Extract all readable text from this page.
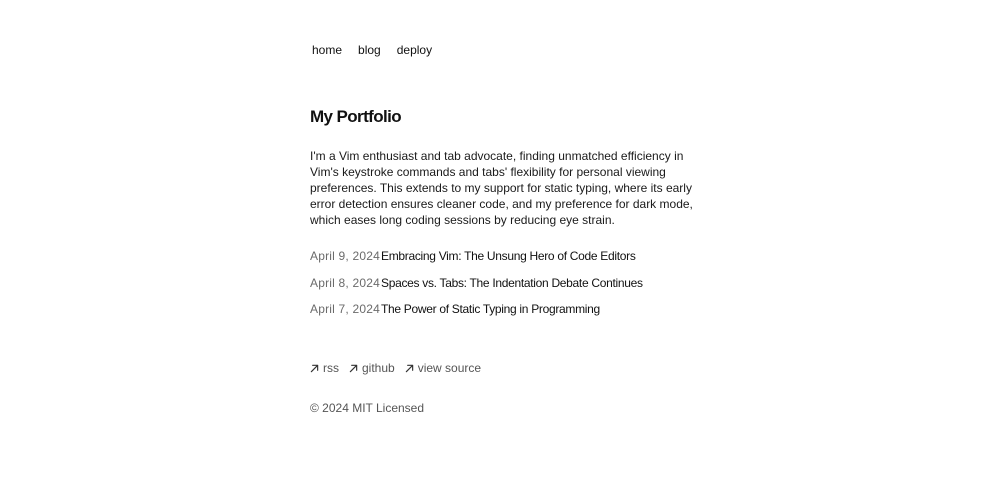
home	blog	deploy
My Portfolio

I'm a Vim enthusiast and tab advocate, finding unmatched efficiency in Vim's keystroke commands and tabs' flexibility for personal viewing preferences. This extends to my support for static typing, where its early error detection ensures cleaner code, and my preference for dark mode, which eases long coding sessions by reducing eye strain.

April 9, 2024 Embracing Vim: The Unsung Hero of Code Editors
April 8, 2024 Spaces vs. Tabs: The Indentation Debate Continues
April 7, 2024 The Power of Static Typing in Programming
rss github view source
© 2024 MIT Licensed
